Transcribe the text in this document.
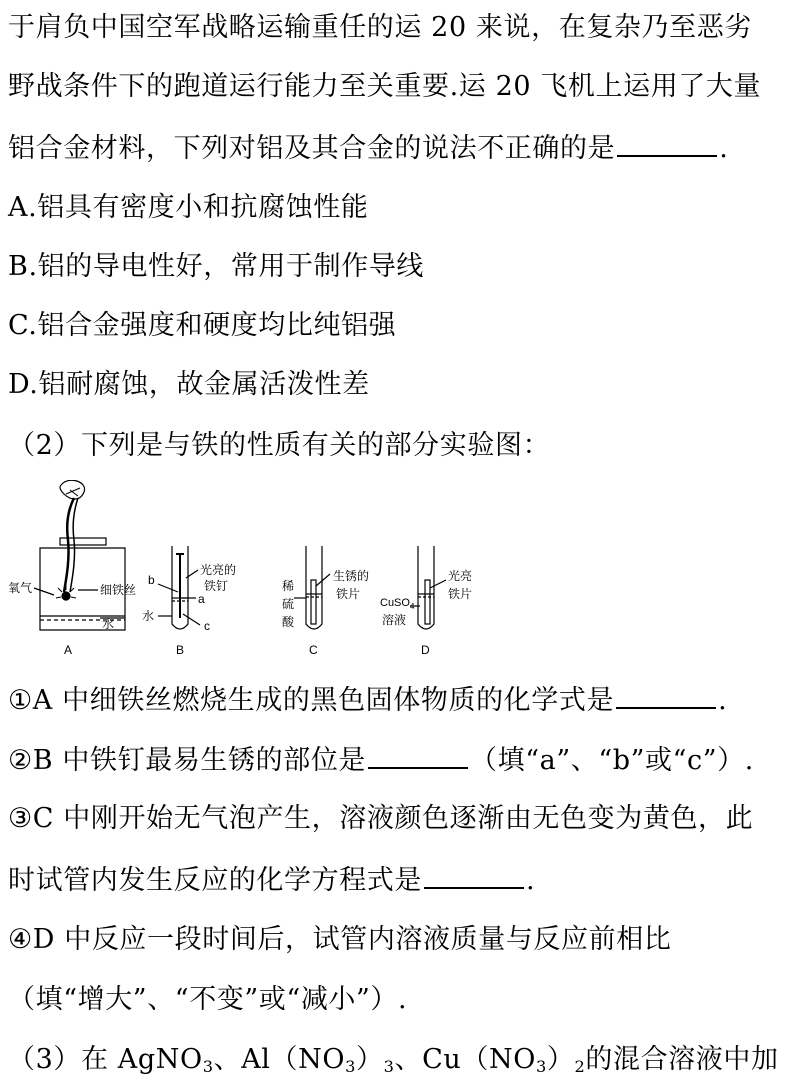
于肩负中国空军战略运输重任的运 20 来说，在复杂乃至恶劣
野战条件下的跑道运行能力至关重要.运 20 飞机上运用了大量
铝合金材料，下列对铝及其合金的说法不正确的是	.
A.铝具有密度小和抗腐蚀性能
B.铝的导电性好，常用于制作导线
C.铝合金强度和硬度均比纯铝强
D.铝耐腐蚀，故金属活泼性差
（2）下列是与铁的性质有关的部分实验图：
氧气	细铁丝
水
A
b
a
c
光亮的
铁钉
水
B
稀
硫
酸
生锈的
铁片
C
CuSO$_4$
溶液
光亮
铁片
D
①A 中细铁丝燃烧生成的黑色固体物质的化学式是	.
②B 中铁钉最易生锈的部位是	（填“a”、“b”或“c”）.
③C 中刚开始无气泡产生，溶液颜色逐渐由无色变为黄色，此
时试管内发生反应的化学方程式是	.
④D 中反应一段时间后，试管内溶液质量与反应前相比
（填“增大”、“不变”或“减小”）.
（3）在 AgNO$_3$、$Al(NO_3)_3$、$Cu(NO_3)_2$的混合溶液中加
